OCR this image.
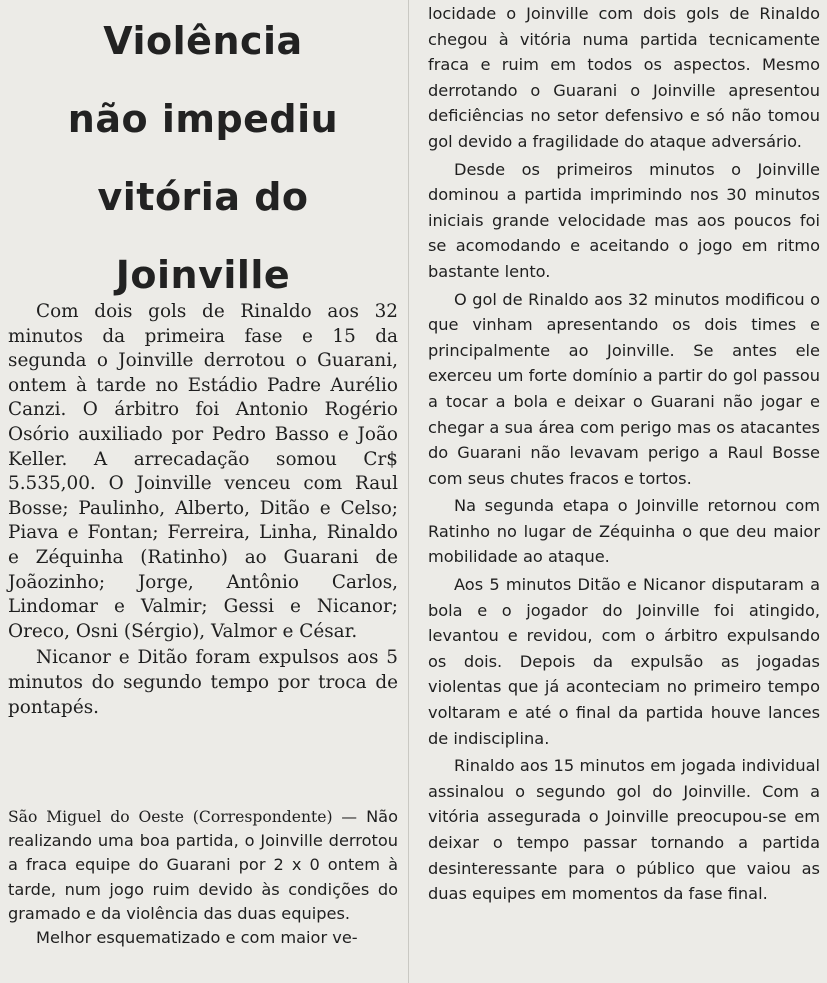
Violência
não impediu
vitória do
Joinville

Com dois gols de Rinaldo aos 32 minutos da primeira fase e 15 da segunda o Joinville derrotou o Guarani, ontem à tarde no Estádio Padre Aurélio Canzi. O árbitro foi Antonio Rogério Osório auxiliado por Pedro Basso e João Keller. A arrecadação somou Cr$ 5.535,00. O Joinville venceu com Raul Bosse; Paulinho, Alberto, Ditão e Celso; Piava e Fontan; Ferreira, Linha, Rinaldo e Zéquinha (Ratinho) ao Guarani de Joãozinho; Jorge, Antônio Carlos, Lindomar e Valmir; Gessi e Nicanor; Oreco, Osni (Sérgio), Valmor e César.

Nicanor e Ditão foram expulsos aos 5 minutos do segundo tempo por troca de pontapés.

São Miguel do Oeste (Correspondente) — Não realizando uma boa partida, o Joinville derrotou a fraca equipe do Guarani por 2 x 0 ontem à tarde, num jogo ruim devido às condições do gramado e da violência das duas equipes.

Melhor esquematizado e com maior ve-

locidade o Joinville com dois gols de Rinaldo chegou à vitória numa partida tecnicamente fraca e ruim em todos os aspectos. Mesmo derrotando o Guarani o Joinville apresentou deficiências no setor defensivo e só não tomou gol devido a fragilidade do ataque adversário.

Desde os primeiros minutos o Joinville dominou a partida imprimindo nos 30 minutos iniciais grande velocidade mas aos poucos foi se acomodando e aceitando o jogo em ritmo bastante lento.

O gol de Rinaldo aos 32 minutos modificou o que vinham apresentando os dois times e principalmente ao Joinville. Se antes ele exerceu um forte domínio a partir do gol passou a tocar a bola e deixar o Guarani não jogar e chegar a sua área com perigo mas os atacantes do Guarani não levavam perigo a Raul Bosse com seus chutes fracos e tortos.

Na segunda etapa o Joinville retornou com Ratinho no lugar de Zéquinha o que deu maior mobilidade ao ataque.

Aos 5 minutos Ditão e Nicanor disputaram a bola e o jogador do Joinville foi atingido, levantou e revidou, com o árbitro expulsando os dois. Depois da expulsão as jogadas violentas que já aconteciam no primeiro tempo voltaram e até o final da partida houve lances de indisciplina.

Rinaldo aos 15 minutos em jogada individual assinalou o segundo gol do Joinville. Com a vitória assegurada o Joinville preocupou-se em deixar o tempo passar tornando a partida desinteressante para o público que vaiou as duas equipes em momentos da fase final.
